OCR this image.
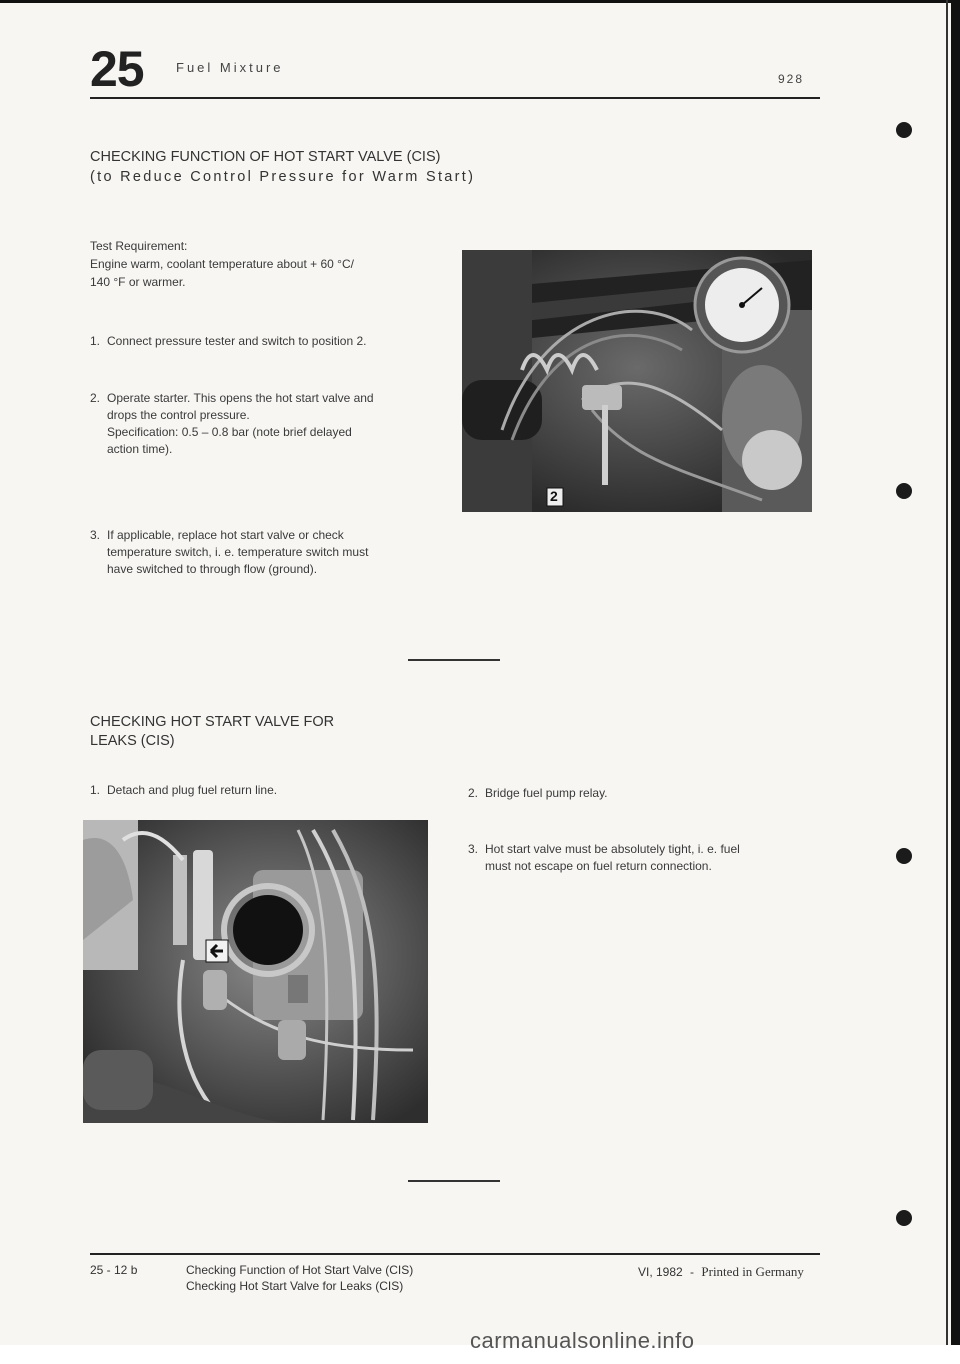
25 Fuel Mixture
928
CHECKING FUNCTION OF HOT START VALVE (CIS)
(to Reduce Control Pressure for Warm Start)
Test Requirement:
Engine warm, coolant temperature about + 60 °C/
140 °F or warmer.
1. Connect pressure tester and switch to position 2.
2. Operate starter. This opens the hot start valve and
drops the control pressure.
Specification: 0.5 – 0.8 bar (note brief delayed
action time).
3. If applicable, replace hot start valve or check
temperature switch, i. e. temperature switch must
have switched to through flow (ground).
2
CHECKING HOT START VALVE FOR
LEAKS (CIS)
1. Detach and plug fuel return line.	2. Bridge fuel pump relay.
3. Hot start valve must be absolutely tight, i. e. fuel
must not escape on fuel return connection.
25 - 12 b	Checking Function of Hot Start Valve (CIS)
Checking Hot Start Valve for Leaks (CIS)
VI, 1982 - Printed in Germany
carmanualsonline.info
